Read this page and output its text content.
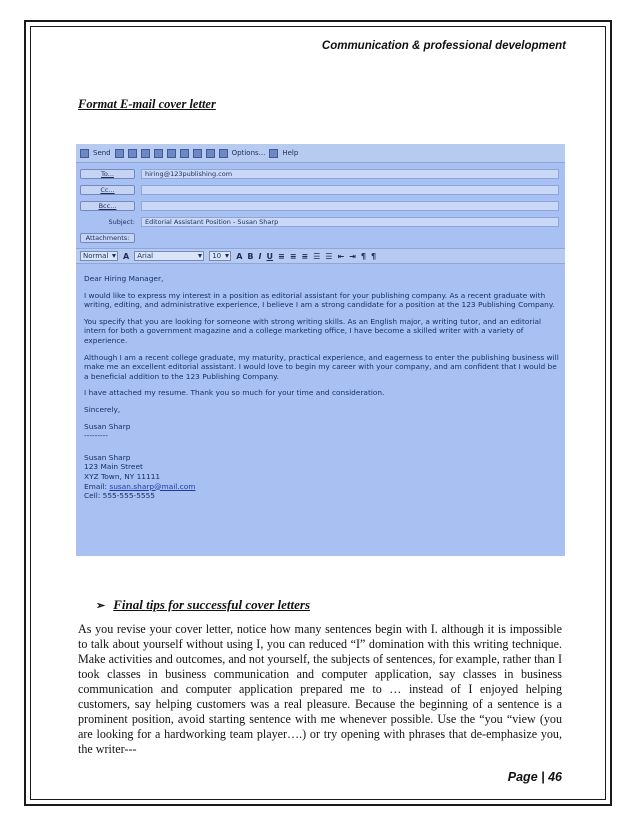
Communication & professional development
Format E-mail cover letter
Send	Options... Help
To...	hiring@123publishing.com
Cc...
Bcc...
Subject:	Editorial Assistant Position - Susan Sharp
Attachments:
Normal	A	Arial	10	A B I U ≡ ≡ ≡ ☰ ☰ ⇤ ⇥ ¶ ¶

Dear Hiring Manager,

I would like to express my interest in a position as editorial assistant for your publishing company. As a recent graduate with writing, editing, and administrative experience, I believe I am a strong candidate for a position at the 123 Publishing Company.

You specify that you are looking for someone with strong writing skills. As an English major, a writing tutor, and an editorial intern for both a government magazine and a college marketing office, I have become a skilled writer with a variety of experience.

Although I am a recent college graduate, my maturity, practical experience, and eagerness to enter the publishing business will make me an excellent editorial assistant. I would love to begin my career with your company, and am confident that I would be a beneficial addition to the 123 Publishing Company.

I have attached my resume. Thank you so much for your time and consideration.

Sincerely,

Susan Sharp
---------
Susan Sharp
123 Main Street
XYZ Town, NY 11111
Email: susan.sharp@mail.com
Cell: 555-555-5555
➢ Final tips for successful cover letters
As you revise your cover letter, notice how many sentences begin with I. although it is impossible to talk about yourself without using I, you can reduced “I” domination with this writing technique. Make activities and outcomes, and not yourself, the subjects of sentences, for example, rather than I took classes in business communication and computer application, say classes in business communication and computer application prepared me to … instead of I enjoyed helping customers, say helping customers was a real pleasure. Because the beginning of a sentence is a prominent position, avoid starting sentence with me whenever possible. Use the “you “view (you are looking for a hardworking team player….) or try opening with phrases that de-emphasize you, the writer---
Page | 46
